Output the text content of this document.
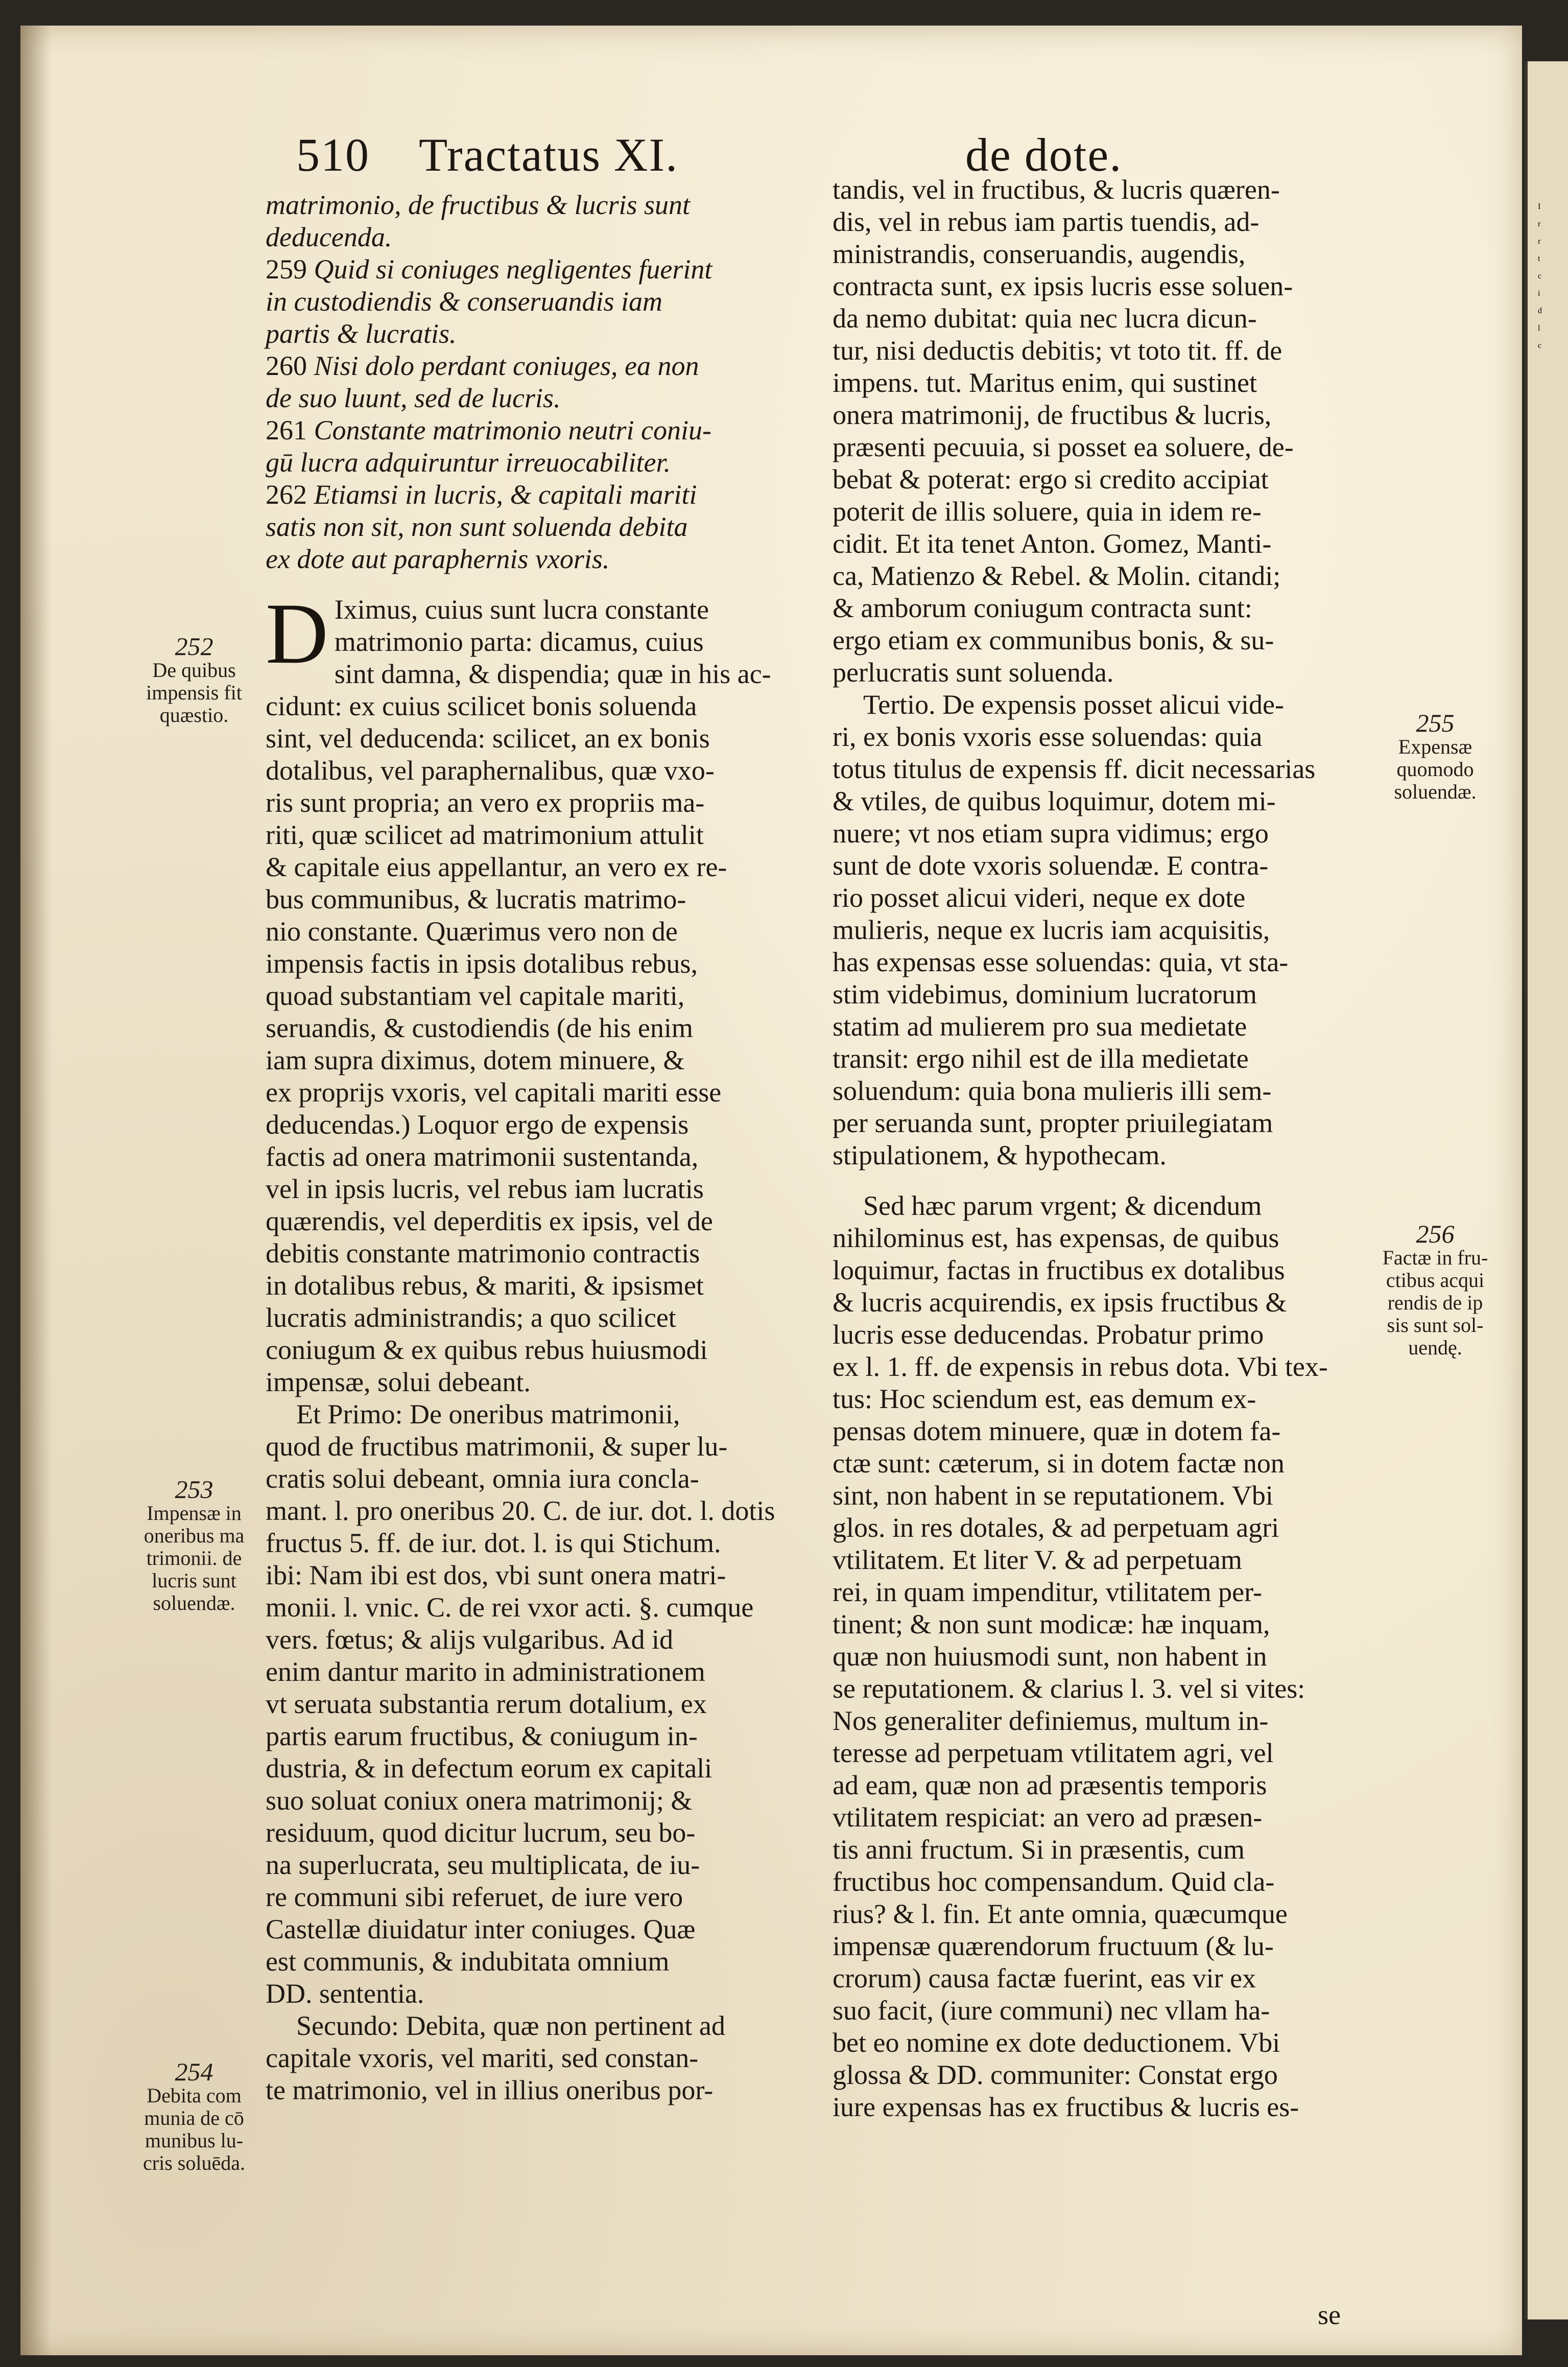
510 Tractatus XI.	de dote.

matrimonio, de fructibus & lucris sunt

deducenda.

259 Quid si coniuges negligentes fuerint

in custodiendis & conseruandis iam

partis & lucratis.

260 Nisi dolo perdant coniuges, ea non

de suo luunt, sed de lucris.

261 Constante matrimonio neutri coniu-

gū lucra adquiruntur irreuocabiliter.

262 Etiamsi in lucris, & capitali mariti

satis non sit, non sunt soluenda debita

ex dote aut paraphernis vxoris.

D Iximus, cuius sunt lucra constante

matrimonio parta: dicamus, cuius

sint damna, & dispendia; quæ in his ac-

cidunt: ex cuius scilicet bonis soluenda

sint, vel deducenda: scilicet, an ex bonis

dotalibus, vel paraphernalibus, quæ vxo-

ris sunt propria; an vero ex propriis ma-

riti, quæ scilicet ad matrimonium attulit

& capitale eius appellantur, an vero ex re-

bus communibus, & lucratis matrimo-

nio constante. Quærimus vero non de

impensis factis in ipsis dotalibus rebus,

quoad substantiam vel capitale mariti,

seruandis, & custodiendis (de his enim

iam supra diximus, dotem minuere, &

ex proprijs vxoris, vel capitali mariti esse

deducendas.) Loquor ergo de expensis

factis ad onera matrimonii sustentanda,

vel in ipsis lucris, vel rebus iam lucratis

quærendis, vel deperditis ex ipsis, vel de

debitis constante matrimonio contractis

in dotalibus rebus, & mariti, & ipsismet

lucratis administrandis; a quo scilicet

coniugum & ex quibus rebus huiusmodi

impensæ, solui debeant.

Et Primo: De oneribus matrimonii,

quod de fructibus matrimonii, & super lu-

cratis solui debeant, omnia iura concla-

mant. l. pro oneribus 20. C. de iur. dot. l. dotis

fructus 5. ff. de iur. dot. l. is qui Stichum.

ibi: Nam ibi est dos, vbi sunt onera matri-

monii. l. vnic. C. de rei vxor acti. §. cumque

vers. fœtus; & alijs vulgaribus. Ad id

enim dantur marito in administrationem

vt seruata substantia rerum dotalium, ex

partis earum fructibus, & coniugum in-

dustria, & in defectum eorum ex capitali

suo soluat coniux onera matrimonij; &

residuum, quod dicitur lucrum, seu bo-

na superlucrata, seu multiplicata, de iu-

re communi sibi referuet, de iure vero

Castellæ diuidatur inter coniuges. Quæ

est communis, & indubitata omnium

DD. sententia.

Secundo: Debita, quæ non pertinent ad

capitale vxoris, vel mariti, sed constan-

te matrimonio, vel in illius oneribus por-

tandis, vel in fructibus, & lucris quæren-

dis, vel in rebus iam partis tuendis, ad-

ministrandis, conseruandis, augendis,

contracta sunt, ex ipsis lucris esse soluen-

da nemo dubitat: quia nec lucra dicun-

tur, nisi deductis debitis; vt toto tit. ff. de

impens. tut. Maritus enim, qui sustinet

onera matrimonij, de fructibus & lucris,

præsenti pecuuia, si posset ea soluere, de-

bebat & poterat: ergo si credito accipiat

poterit de illis soluere, quia in idem re-

cidit. Et ita tenet Anton. Gomez, Manti-

ca, Matienzo & Rebel. & Molin. citandi;

& amborum coniugum contracta sunt:

ergo etiam ex communibus bonis, & su-

perlucratis sunt soluenda.

Tertio. De expensis posset alicui vide-

ri, ex bonis vxoris esse soluendas: quia

totus titulus de expensis ff. dicit necessarias

& vtiles, de quibus loquimur, dotem mi-

nuere; vt nos etiam supra vidimus; ergo

sunt de dote vxoris soluendæ. E contra-

rio posset alicui videri, neque ex dote

mulieris, neque ex lucris iam acquisitis,

has expensas esse soluendas: quia, vt sta-

stim videbimus, dominium lucratorum

statim ad mulierem pro sua medietate

transit: ergo nihil est de illa medietate

soluendum: quia bona mulieris illi sem-

per seruanda sunt, propter priuilegiatam

stipulationem, & hypothecam.

Sed hæc parum vrgent; & dicendum

nihilominus est, has expensas, de quibus

loquimur, factas in fructibus ex dotalibus

& lucris acquirendis, ex ipsis fructibus &

lucris esse deducendas. Probatur primo

ex l. 1. ff. de expensis in rebus dota. Vbi tex-

tus: Hoc sciendum est, eas demum ex-

pensas dotem minuere, quæ in dotem fa-

ctæ sunt: cæterum, si in dotem factæ non

sint, non habent in se reputationem. Vbi

glos. in res dotales, & ad perpetuam agri

vtilitatem. Et liter V. & ad perpetuam

rei, in quam impenditur, vtilitatem per-

tinent; & non sunt modicæ: hæ inquam,

quæ non huiusmodi sunt, non habent in

se reputationem. & clarius l. 3. vel si vites:

Nos generaliter definiemus, multum in-

teresse ad perpetuam vtilitatem agri, vel

ad eam, quæ non ad præsentis temporis

vtilitatem respiciat: an vero ad præsen-

tis anni fructum. Si in præsentis, cum

fructibus hoc compensandum. Quid cla-

rius? & l. fin. Et ante omnia, quæcumque

impensæ quærendorum fructuum (& lu-

crorum) causa factæ fuerint, eas vir ex

suo facit, (iure communi) nec vllam ha-

bet eo nomine ex dote deductionem. Vbi

glossa & DD. communiter: Constat ergo

iure expensas has ex fructibus & lucris es-

se
252
De quibus
impensis fit
quæstio.
253
Impensæ in
oneribus ma
trimonii. de
lucris sunt
soluendæ.
254
Debita com
munia de cō
munibus lu-
cris soluēda.
255
Expensæ
quomodo
soluendæ.
256
Factæ in fru-
ctibus acqui
rendis de ip
sis sunt sol-
uendę.

I

r

r

t

c

i

d

l

c
